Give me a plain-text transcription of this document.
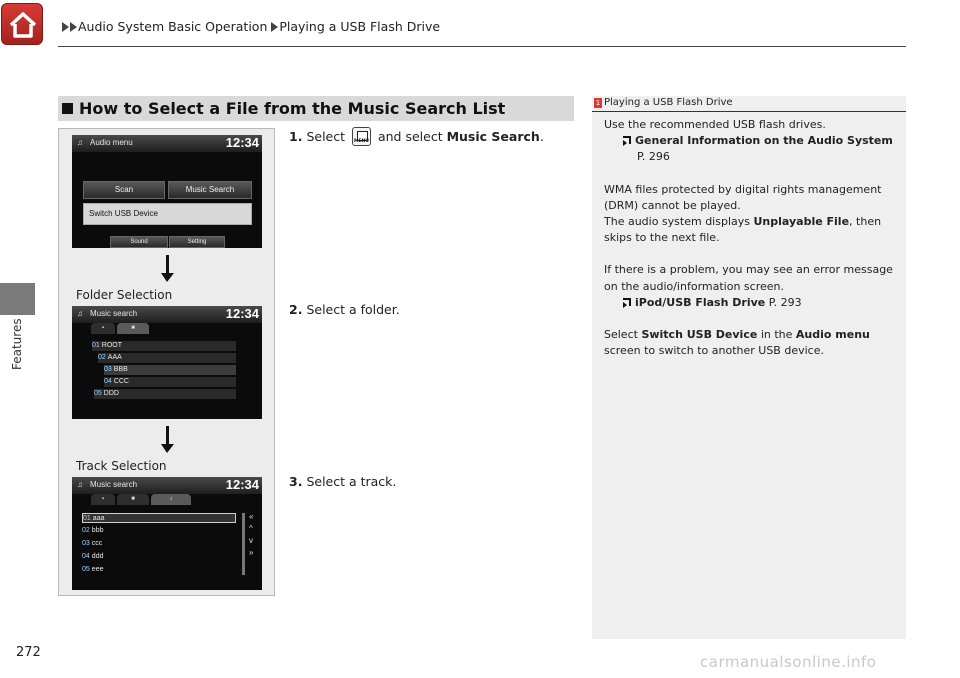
Audio System Basic Operation Playing a USB Flash Drive
Features
How to Select a File from the Music Search List
♫ Audio menu	12:34
Scan	Music Search
Switch USB Device
Sound	Setting
Folder Selection
♫ Music search	12:34
▪	■
01 ROOT
02 AAA
03 BBB
04 CCC
05 DDD
Track Selection
♫ Music search	12:34
▪	■	♪
01 aaa
02 bbb
03 ccc
04 ddd
05 eee
«
^
v
»
1. Select MENU	and select Music Search.
2. Select a folder.
3. Select a track.
1 Playing a USB Flash Drive

Use the recommended USB flash drives.

General Information on the Audio System

P. 296

WMA files protected by digital rights management

(DRM) cannot be played.

The audio system displays Unplayable File, then

skips to the next file.

If there is a problem, you may see an error message

on the audio/information screen.

iPod/USB Flash Drive P. 293

Select Switch USB Device in the Audio menu

screen to switch to another USB device.

272
carmanualsonline.info
